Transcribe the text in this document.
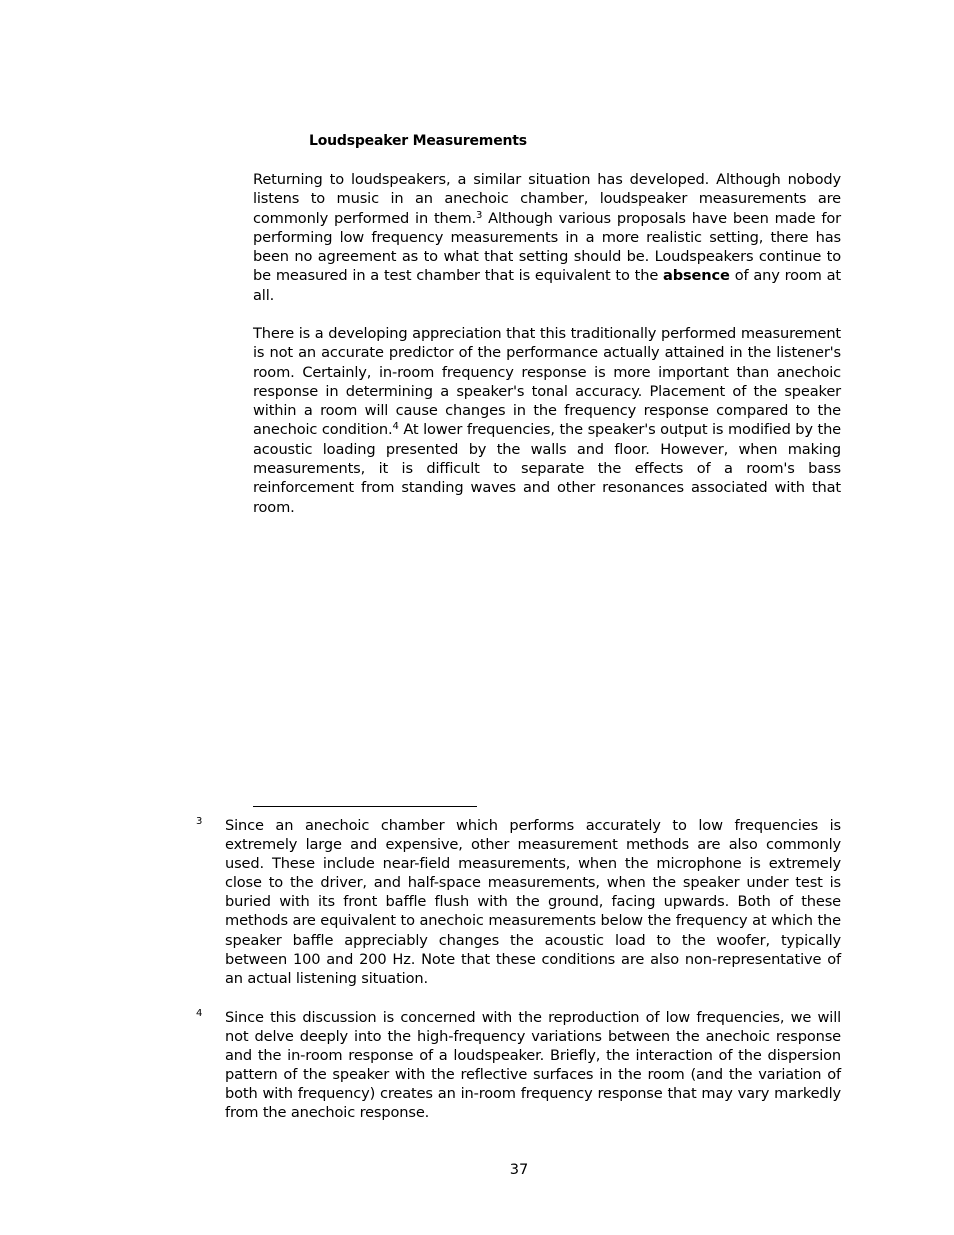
Loudspeaker Measurements

Returning to loudspeakers, a similar situation has developed. Although nobody listens to music in an anechoic chamber, loudspeaker measurements are commonly performed in them.$^3$ Although various proposals have been made for performing low frequency measurements in a more realistic setting, there has been no agreement as to what that setting should be. Loudspeakers continue to be measured in a test chamber that is equivalent to the absence of any room at all.

There is a developing appreciation that this traditionally performed measurement is not an accurate predictor of the performance actually attained in the listener's room. Certainly, in-room frequency response is more important than anechoic response in determining a speaker's tonal accuracy. Placement of the speaker within a room will cause changes in the frequency response compared to the anechoic condition.$^4$ At lower frequencies, the speaker's output is modified by the acoustic loading presented by the walls and floor. However, when making measurements, it is difficult to separate the effects of a room's bass reinforcement from standing waves and other resonances associated with that room.

3 Since an anechoic chamber which performs accurately to low frequencies is extremely large and expensive, other measurement methods are also commonly used. These include near-field measurements, when the microphone is extremely close to the driver, and half-space measurements, when the speaker under test is buried with its front baffle flush with the ground, facing upwards. Both of these methods are equivalent to anechoic measurements below the frequency at which the speaker baffle appreciably changes the acoustic load to the woofer, typically between 100 and 200 Hz. Note that these conditions are also non-representative of an actual listening situation.

4 Since this discussion is concerned with the reproduction of low frequencies, we will not delve deeply into the high-frequency variations between the anechoic response and the in-room response of a loudspeaker. Briefly, the interaction of the dispersion pattern of the speaker with the reflective surfaces in the room (and the variation of both with frequency) creates an in-room frequency response that may vary markedly from the anechoic response.

37
